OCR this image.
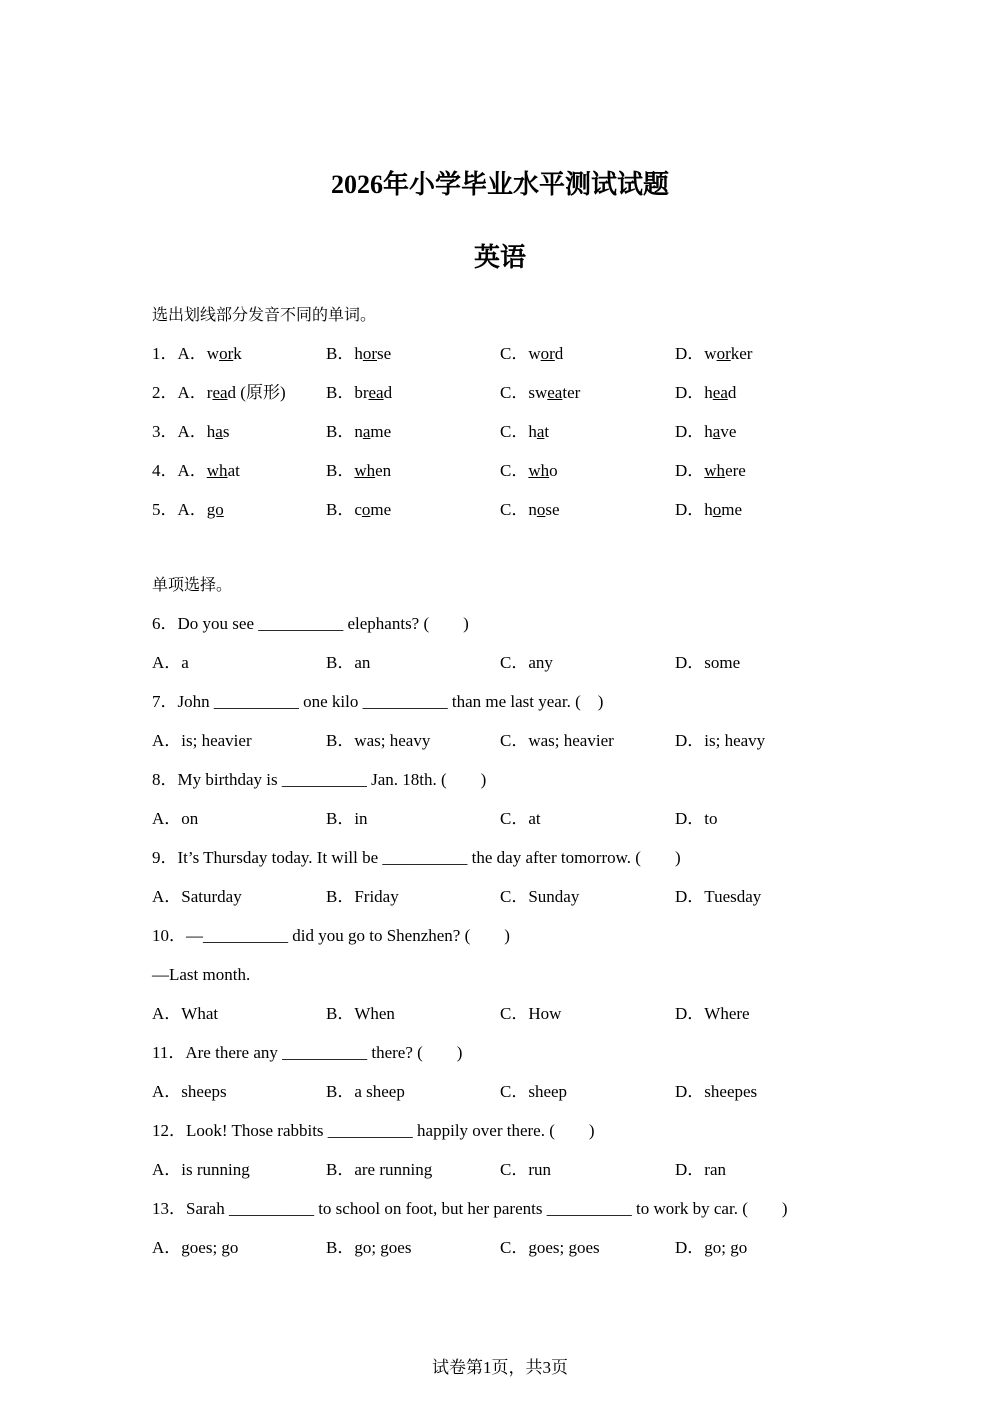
2026年小学毕业水平测试试题
英语
选出划线部分发音不同的单词。
1．A．work	B．horse	C．word	D．worker
2．A．read (原形) B．bread	C．sweater	D．head
3．A．has	B．name	C．hat	D．have
4．A．what	B．when	C．who	D．where
5．A．go	B．come	C．nose	D．home
单项选择。
6．Do you see __________ elephants? (　　)
A．a	B．an	C．any	D．some
7．John __________ one kilo __________ than me last year. (　)
A．is; heavier	B．was; heavy	C．was; heavier	D．is; heavy
8．My birthday is __________ Jan. 18th. (　　)
A．on	B．in	C．at	D．to
9．It’s Thursday today. It will be __________ the day after tomorrow. (　　)
A．Saturday	B．Friday	C．Sunday	D．Tuesday
10．—__________ did you go to Shenzhen? (　　)
—Last month.
A．What	B．When	C．How	D．Where
11．Are there any __________ there? (　　)
A．sheeps	B．a sheep	C．sheep	D．sheepes
12．Look! Those rabbits __________ happily over there. (　　)
A．is running	B．are running	C．run	D．ran
13．Sarah __________ to school on foot, but her parents __________ to work by car. (　　)
A．goes; go	B．go; goes	C．goes; goes	D．go; go
试卷第1页，共3页
